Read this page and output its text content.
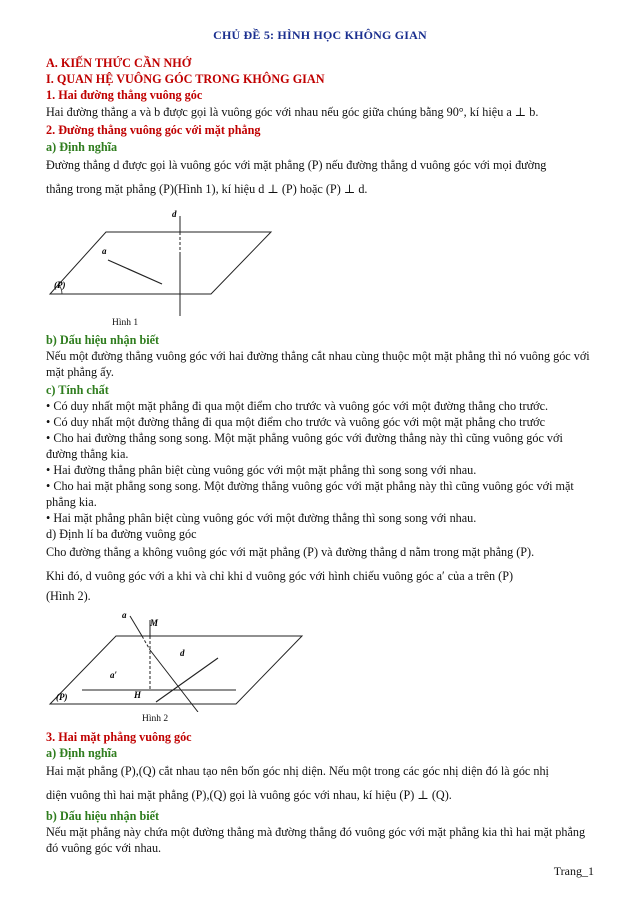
CHỦ ĐỀ 5: HÌNH HỌC KHÔNG GIAN
A. KIẾN THỨC CẦN NHỚ
I. QUAN HỆ VUÔNG GÓC TRONG KHÔNG GIAN
1. Hai đường thẳng vuông góc
Hai đường thẳng a và b được gọi là vuông góc với nhau nếu góc giữa chúng bằng 90°, kí hiệu a ⊥ b.
2. Đường thẳng vuông góc với mặt phẳng
a) Định nghĩa
Đường thẳng d được gọi là vuông góc với mặt phẳng (P) nếu đường thẳng d vuông góc với mọi đường
thẳng trong mặt phẳng (P)(Hình 1), kí hiệu d ⊥ (P) hoặc (P) ⊥ d.
d
a
(P)
Hình 1
b) Dấu hiệu nhận biết
Nếu một đường thẳng vuông góc với hai đường thẳng cắt nhau cùng thuộc một mặt phẳng thì nó vuông góc với mặt phẳng ấy.
c) Tính chất
• Có duy nhất một mặt phẳng đi qua một điểm cho trước và vuông góc với một đường thẳng cho trước.
• Có duy nhất một đường thẳng đi qua một điểm cho trước và vuông góc với một mặt phẳng cho trước
• Cho hai đường thẳng song song. Một mặt phẳng vuông góc với đường thẳng này thì cũng vuông góc với đường thẳng kia.
• Hai đường thẳng phân biệt cùng vuông góc với một mặt phẳng thì song song với nhau.
• Cho hai mặt phẳng song song. Một đường thẳng vuông góc với mặt phẳng này thì cũng vuông góc với mặt phẳng kia.
• Hai mặt phẳng phân biệt cùng vuông góc với một đường thẳng thì song song với nhau.
d) Định lí ba đường vuông góc
Cho đường thẳng a không vuông góc với mặt phẳng (P) và đường thẳng d nằm trong mặt phẳng (P).
Khi đó, d vuông góc với a khi và chỉ khi d vuông góc với hình chiếu vuông góc a′ của a trên (P)
(Hình 2).
a
M
d
a′
H
(P)
Hình 2
3. Hai mặt phẳng vuông góc
a) Định nghĩa
Hai mặt phẳng (P),(Q) cắt nhau tạo nên bốn góc nhị diện. Nếu một trong các góc nhị diện đó là góc nhị
diện vuông thì hai mặt phẳng (P),(Q) gọi là vuông góc với nhau, kí hiệu (P) ⊥ (Q).
b) Dấu hiệu nhận biết
Nếu mặt phẳng này chứa một đường thẳng mà đường thẳng đó vuông góc với mặt phẳng kia thì hai mặt phẳng đó vuông góc với nhau.
Trang_1
